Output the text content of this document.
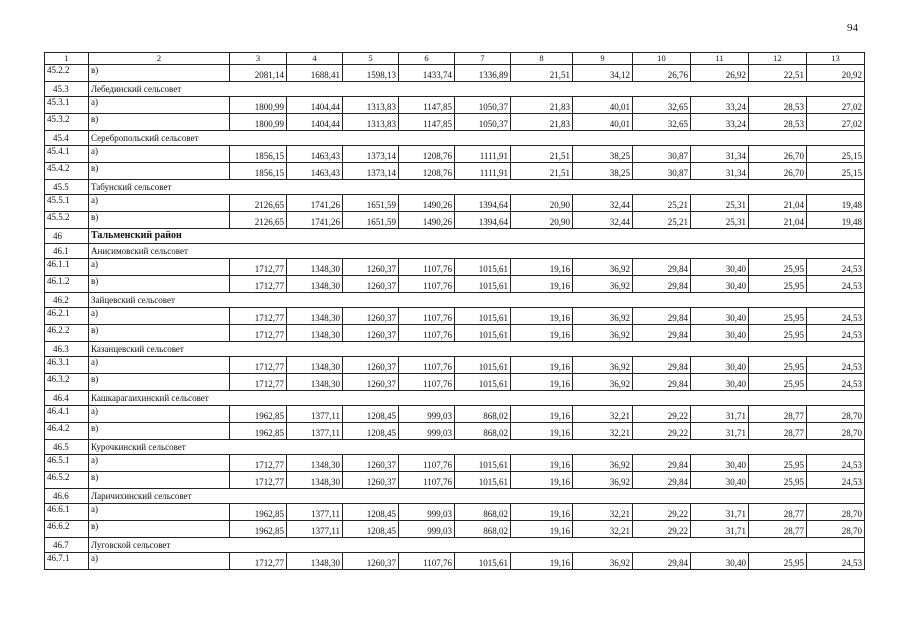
94
1	2	3	4	5	6	7	8	9	10	11	12	13
45.2.2	в)	2081,14	1688,41	1598,13	1433,74	1336,89	21,51	34,12	26,76	26,92	22,51	20,92
45.3	Лебединский сельсовет											
45.3.1	а)	1800,99	1404,44	1313,83	1147,85	1050,37	21,83	40,01	32,65	33,24	28,53	27,02
45.3.2	в)	1800,99	1404,44	1313,83	1147,85	1050,37	21,83	40,01	32,65	33,24	28,53	27,02
45.4	Серебропольский сельсовет											
45.4.1	а)	1856,15	1463,43	1373,14	1208,76	1111,91	21,51	38,25	30,87	31,34	26,70	25,15
45.4.2	в)	1856,15	1463,43	1373,14	1208,76	1111,91	21,51	38,25	30,87	31,34	26,70	25,15
45.5	Табунский сельсовет											
45.5.1	а)	2126,65	1741,26	1651,59	1490,26	1394,64	20,90	32,44	25,21	25,31	21,04	19,48
45.5.2	в)	2126,65	1741,26	1651,59	1490,26	1394,64	20,90	32,44	25,21	25,31	21,04	19,48
46	Тальменский район											
46.1	Анисимовский сельсовет											
46.1.1	а)	1712,77	1348,30	1260,37	1107,76	1015,61	19,16	36,92	29,84	30,40	25,95	24,53
46.1.2	в)	1712,77	1348,30	1260,37	1107,76	1015,61	19,16	36,92	29,84	30,40	25,95	24,53
46.2	Зайцевский сельсовет											
46.2.1	а)	1712,77	1348,30	1260,37	1107,76	1015,61	19,16	36,92	29,84	30,40	25,95	24,53
46.2.2	в)	1712,77	1348,30	1260,37	1107,76	1015,61	19,16	36,92	29,84	30,40	25,95	24,53
46.3	Казанцевский сельсовет											
46.3.1	а)	1712,77	1348,30	1260,37	1107,76	1015,61	19,16	36,92	29,84	30,40	25,95	24,53
46.3.2	в)	1712,77	1348,30	1260,37	1107,76	1015,61	19,16	36,92	29,84	30,40	25,95	24,53
46.4	Кашкарагаихинский сельсовет											
46.4.1	а)	1962,85	1377,11	1208,45	999,03	868,02	19,16	32,21	29,22	31,71	28,77	28,70
46.4.2	в)	1962,85	1377,11	1208,45	999,03	868,02	19,16	32,21	29,22	31,71	28,77	28,70
46.5	Курочкинский сельсовет											
46.5.1	а)	1712,77	1348,30	1260,37	1107,76	1015,61	19,16	36,92	29,84	30,40	25,95	24,53
46.5.2	в)	1712,77	1348,30	1260,37	1107,76	1015,61	19,16	36,92	29,84	30,40	25,95	24,53
46.6	Ларичихинский сельсовет											
46.6.1	а)	1962,85	1377,11	1208,45	999,03	868,02	19,16	32,21	29,22	31,71	28,77	28,70
46.6.2	в)	1962,85	1377,11	1208,45	999,03	868,02	19,16	32,21	29,22	31,71	28,77	28,70
46.7	Луговской сельсовет											
46.7.1	а)	1712,77	1348,30	1260,37	1107,76	1015,61	19,16	36,92	29,84	30,40	25,95	24,53
